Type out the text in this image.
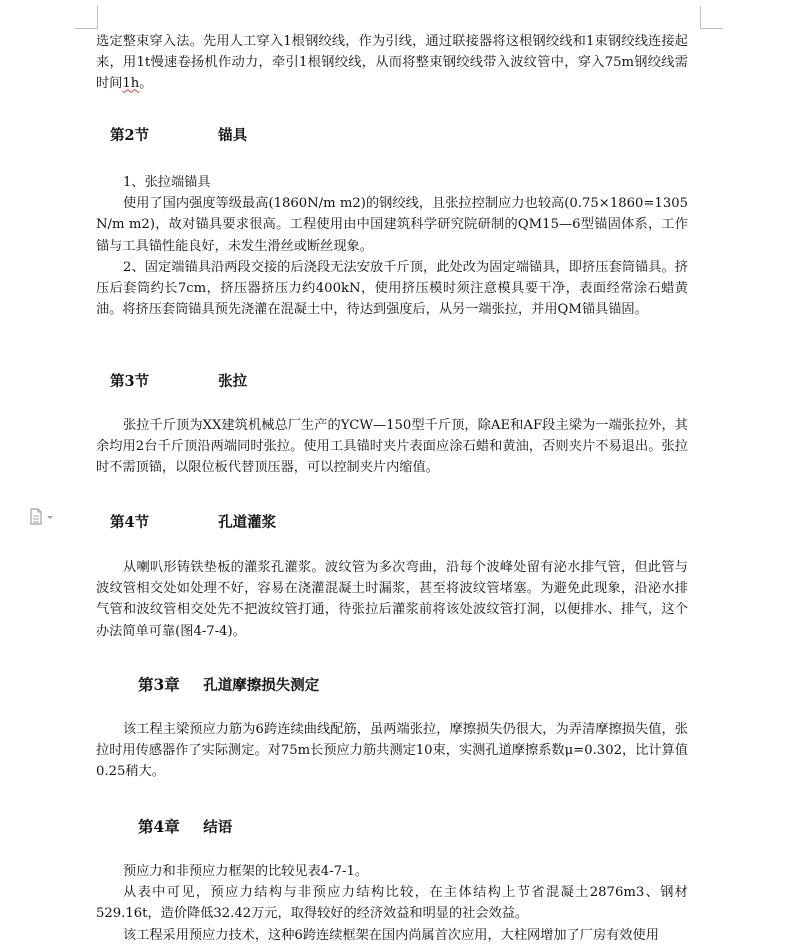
选定整束穿入法。先用人工穿入1根钢绞线，作为引线，通过联接器将这根钢绞线和1束钢绞线连接起来，用1t慢速卷扬机作动力，牵引1根钢绞线，从而将整束钢绞线带入波纹管中，穿入75m钢绞线需时间1h。

第2节	锚具

1、张拉端锚具

使用了国内强度等级最高(1860N/m m2)的钢绞线，且张拉控制应力也较高(0.75×1860=1305 N/m m2)，故对锚具要求很高。工程使用由中国建筑科学研究院研制的QM15—6型锚固体系，工作锚与工具锚性能良好，未发生滑丝或断丝现象。

2、固定端锚具沿两段交接的后浇段无法安放千斤顶，此处改为固定端锚具，即挤压套筒锚具。挤压后套筒约长7cm，挤压器挤压力约400kN，使用挤压模时须注意模具要干净，表面经常涂石蜡黄油。将挤压套筒锚具预先浇灌在混凝土中，待达到强度后，从另一端张拉，并用QM锚具锚固。

第3节	张拉

张拉千斤顶为XX建筑机械总厂生产的YCW—150型千斤顶，除AE和AF段主梁为一端张拉外，其余均用2台千斤顶沿两端同时张拉。使用工具锚时夹片表面应涂石蜡和黄油，否则夹片不易退出。张拉时不需顶锚，以限位板代替顶压器，可以控制夹片内缩值。

第4节	孔道灌浆

从喇叭形铸铁垫板的灌浆孔灌浆。波纹管为多次弯曲，沿每个波峰处留有泌水排气管，但此管与波纹管相交处如处理不好，容易在浇灌混凝土时漏浆，甚至将波纹管堵塞。为避免此现象，沿泌水排气管和波纹管相交处先不把波纹管打通，待张拉后灌浆前将该处波纹管打洞，以便排水、排气，这个办法简单可靠(图4-7-4)。

第3章 孔道摩擦损失测定

该工程主梁预应力筋为6跨连续曲线配筋，虽两端张拉，摩擦损失仍很大，为弄清摩擦损失值，张拉时用传感器作了实际测定。对75m长预应力筋共测定10束，实测孔道摩擦系数μ=0.302，比计算值0.25稍大。

第4章 结语

预应力和非预应力框架的比较见表4-7-1。

从表中可见，预应力结构与非预应力结构比较，在主体结构上节省混凝土2876m3、钢材529.16t，造价降低32.42万元，取得较好的经济效益和明显的社会效益。

该工程采用预应力技术，这种6跨连续框架在国内尚属首次应用，大柱网增加了厂房有效使用
